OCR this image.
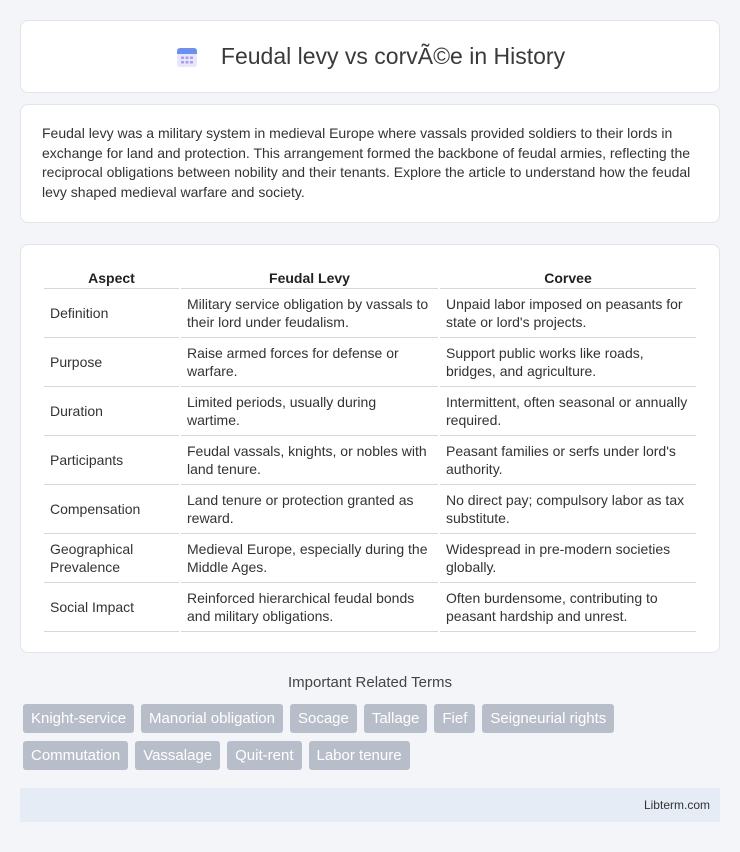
Feudal levy vs corvÃ©e in History

Feudal levy was a military system in medieval Europe where vassals provided soldiers to their lords in exchange for land and protection. This arrangement formed the backbone of feudal armies, reflecting the reciprocal obligations between nobility and their tenants. Explore the article to understand how the feudal levy shaped medieval warfare and society.

Aspect	Feudal Levy	Corvee
Definition	Military service obligation by vassals to their lord under feudalism.	Unpaid labor imposed on peasants for state or lord's projects.
Purpose	Raise armed forces for defense or warfare.	Support public works like roads, bridges, and agriculture.
Duration	Limited periods, usually during wartime.	Intermittent, often seasonal or annually required.
Participants	Feudal vassals, knights, or nobles with land tenure.	Peasant families or serfs under lord's authority.
Compensation	Land tenure or protection granted as reward.	No direct pay; compulsory labor as tax substitute.
Geographical Prevalence	Medieval Europe, especially during the Middle Ages.	Widespread in pre-modern societies globally.
Social Impact	Reinforced hierarchical feudal bonds and military obligations.	Often burdensome, contributing to peasant hardship and unrest.
Important Related Terms
Knight-service	Manorial obligation	Socage	Tallage	Fief	Seigneurial rights
Commutation	Vassalage	Quit-rent	Labor tenure
Libterm.com
